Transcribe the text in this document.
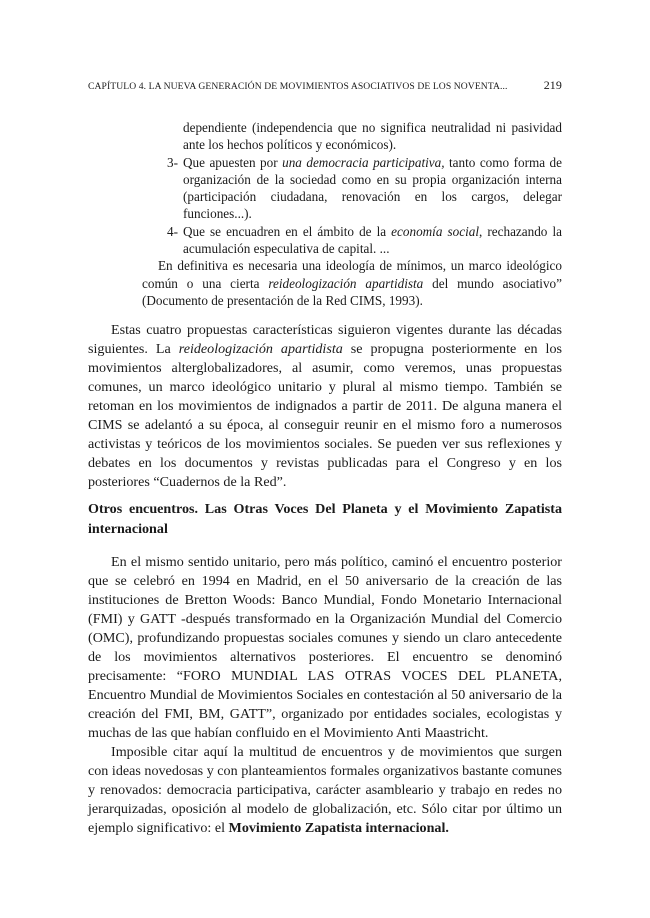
CAPÍTULO 4. LA NUEVA GENERACIÓN DE MOVIMIENTOS ASOCIATIVOS DE LOS NOVENTA...	219
dependiente (independencia que no significa neutralidad ni pasividad ante los hechos políticos y económicos).
3- Que apuesten por una democracia participativa, tanto como forma de organización de la sociedad como en su propia organización interna (participación ciudadana, renovación en los cargos, delegar funciones...).
4- Que se encuadren en el ámbito de la economía social, rechazando la acumulación especulativa de capital. ...

En definitiva es necesaria una ideología de mínimos, un marco ideológico común o una cierta reideologización apartidista del mundo asociativo” (Documento de presentación de la Red CIMS, 1993).

Estas cuatro propuestas características siguieron vigentes durante las décadas siguientes. La reideologización apartidista se propugna posteriormente en los movimientos alterglobalizadores, al asumir, como veremos, unas propuestas comunes, un marco ideológico unitario y plural al mismo tiempo. También se retoman en los movimientos de indignados a partir de 2011. De alguna manera el CIMS se adelantó a su época, al conseguir reunir en el mismo foro a numerosos activistas y teóricos de los movimientos sociales. Se pueden ver sus reflexiones y debates en los documentos y revistas publicadas para el Congreso y en los posteriores “Cuadernos de la Red”.

Otros encuentros. Las Otras Voces Del Planeta y el Movimiento Zapatista internacional

En el mismo sentido unitario, pero más político, caminó el encuentro posterior que se celebró en 1994 en Madrid, en el 50 aniversario de la creación de las instituciones de Bretton Woods: Banco Mundial, Fondo Monetario Internacional (FMI) y GATT -después transformado en la Organización Mundial del Comercio (OMC), profundizando propuestas sociales comunes y siendo un claro antecedente de los movimientos alternativos posteriores. El encuentro se denominó precisamente: “FORO MUNDIAL LAS OTRAS VOCES DEL PLANETA, Encuentro Mundial de Movimientos Sociales en contestación al 50 aniversario de la creación del FMI, BM, GATT”, organizado por entidades sociales, ecologistas y muchas de las que habían confluido en el Movimiento Anti Maastricht.

Imposible citar aquí la multitud de encuentros y de movimientos que surgen con ideas novedosas y con planteamientos formales organizativos bastante comunes y renovados: democracia participativa, carácter asambleario y trabajo en redes no jerarquizadas, oposición al modelo de globalización, etc. Sólo citar por último un ejemplo significativo: el Movimiento Zapatista internacional.
